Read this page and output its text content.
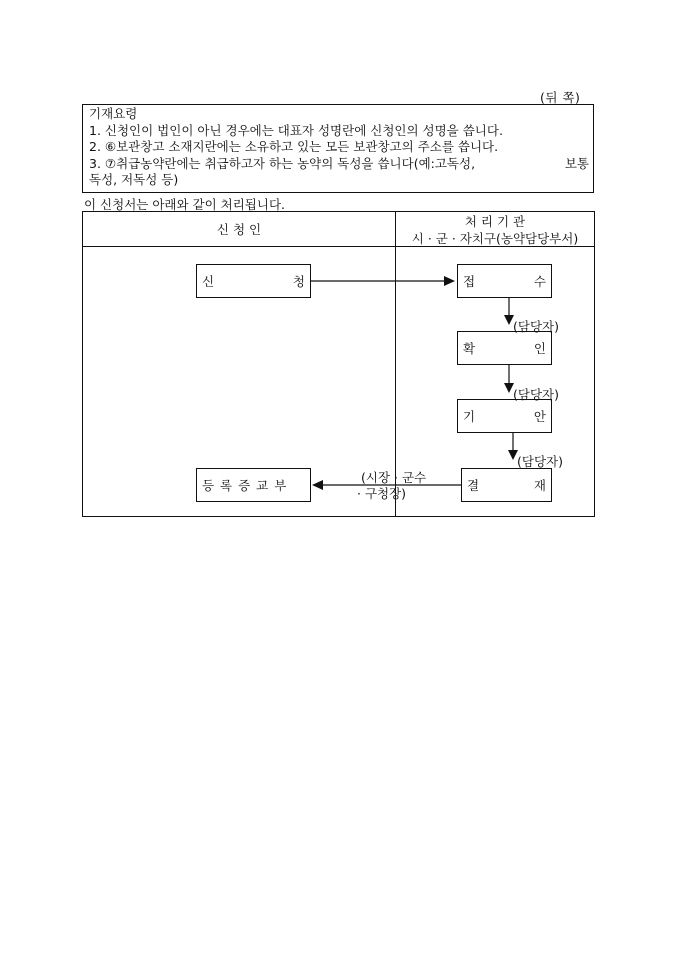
(뒤 쪽)
기재요령
1. 신청인이 법인이 아닌 경우에는 대표자 성명란에 신청인의 성명을 씁니다.
2. ⑥보관창고 소재지란에는 소유하고 있는 모든 보관창고의 주소를 씁니다.
3. ⑦취급농약란에는 취급하고자 하는 농약의 독성을 씁니다(예:고독성,	보통
독성, 저독성 등)
이 신청서는 아래와 같이 처리됩니다.
신 청 인
처 리 기 관
시 · 군 · 자치구(농약담당부서)
신	청	접	수
확	인
기	안
결	재
등 록 증 교 부
(담당자)
(담당자)
(담당자)
(시장 · 군수
· 구청장)
